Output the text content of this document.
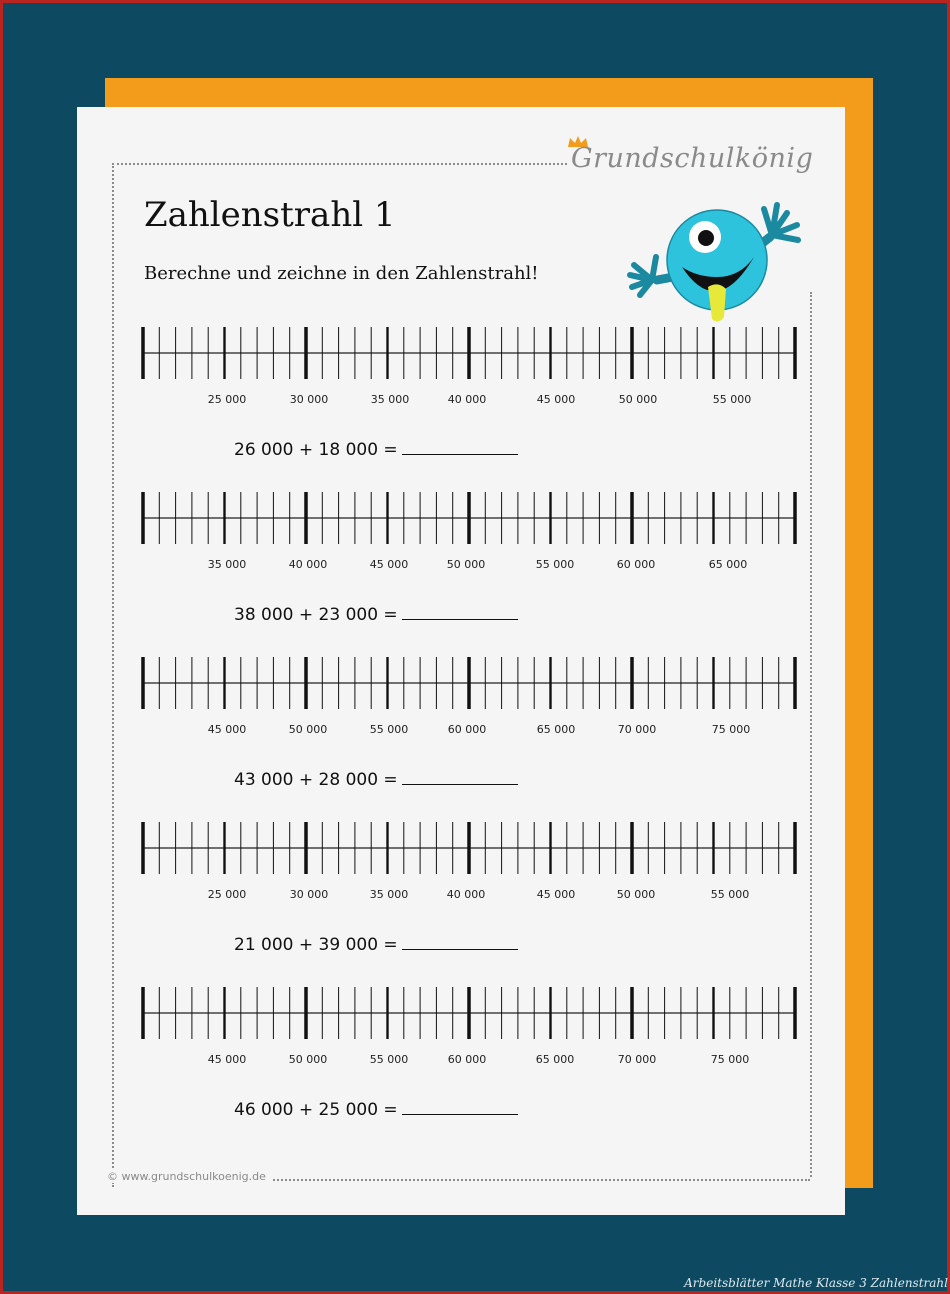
Grundschulkönig
Zahlenstrahl 1
Berechne und zeichne in den Zahlenstrahl!
25 000	30 000	35 000	40 000	45 000	50 000	55 000
26 000 + 18 000 =
35 000	40 000	45 000	50 000	55 000	60 000	65 000
38 000 + 23 000 =
45 000	50 000	55 000	60 000	65 000	70 000	75 000
43 000 + 28 000 =
25 000	30 000	35 000	40 000	45 000	50 000	55 000
21 000 + 39 000 =
45 000	50 000	55 000	60 000	65 000	70 000	75 000
46 000 + 25 000 =
© www.grundschulkoenig.de
Arbeitsblätter Mathe Klasse 3 Zahlenstrahl
